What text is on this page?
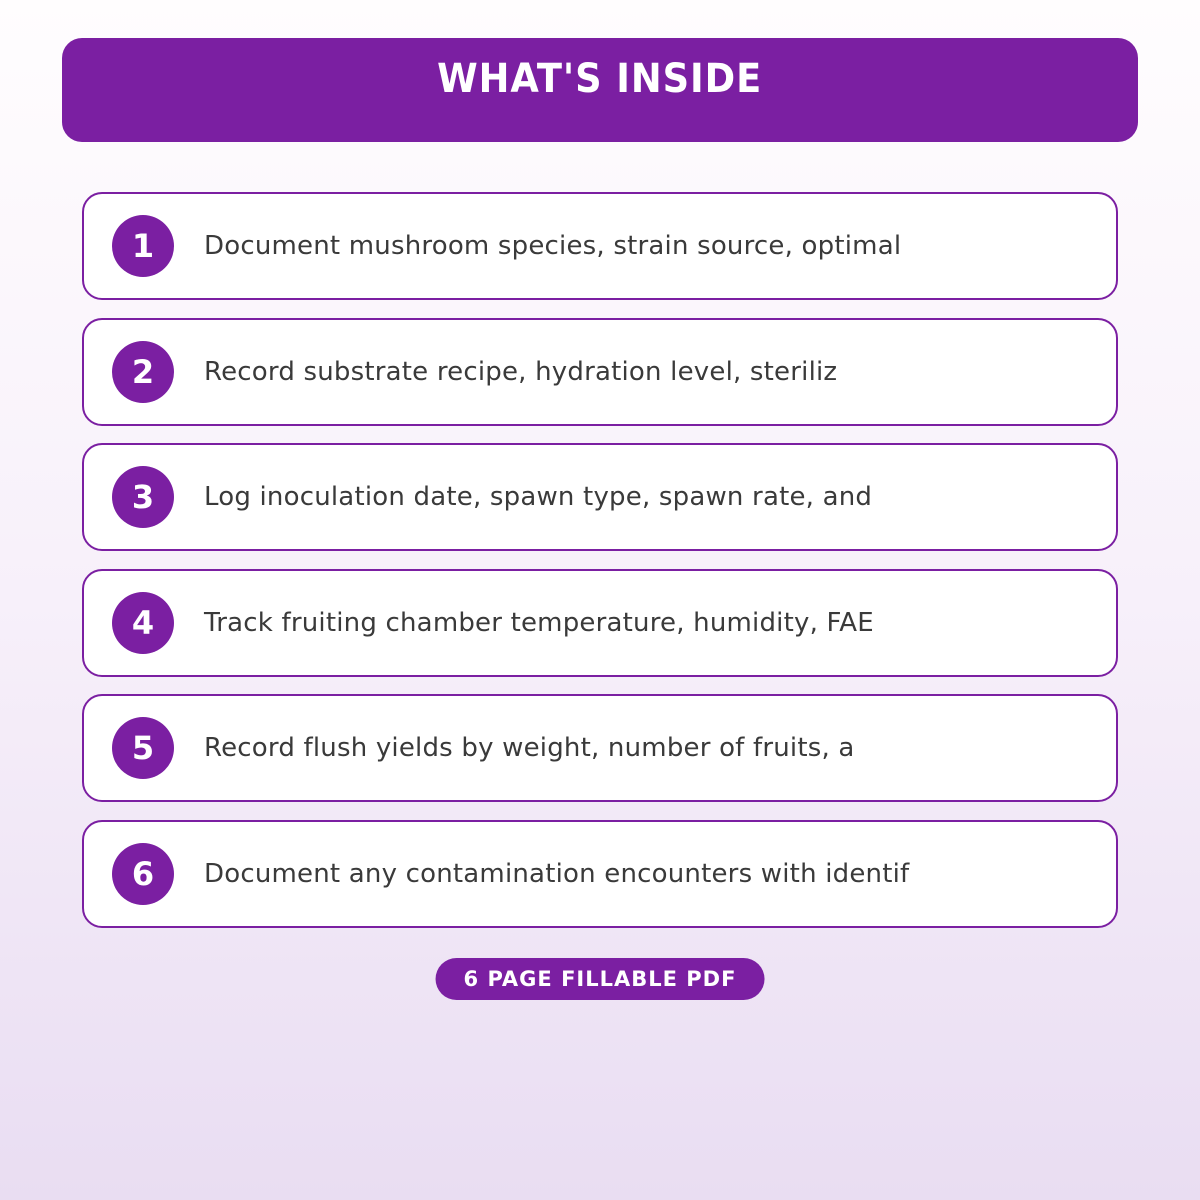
WHAT'S INSIDE
1	Document mushroom species, strain source, optimal
2	Record substrate recipe, hydration level, steriliz
3	Log inoculation date, spawn type, spawn rate, and
4	Track fruiting chamber temperature, humidity, FAE
5	Record flush yields by weight, number of fruits, a
6	Document any contamination encounters with identif
6 PAGE FILLABLE PDF
